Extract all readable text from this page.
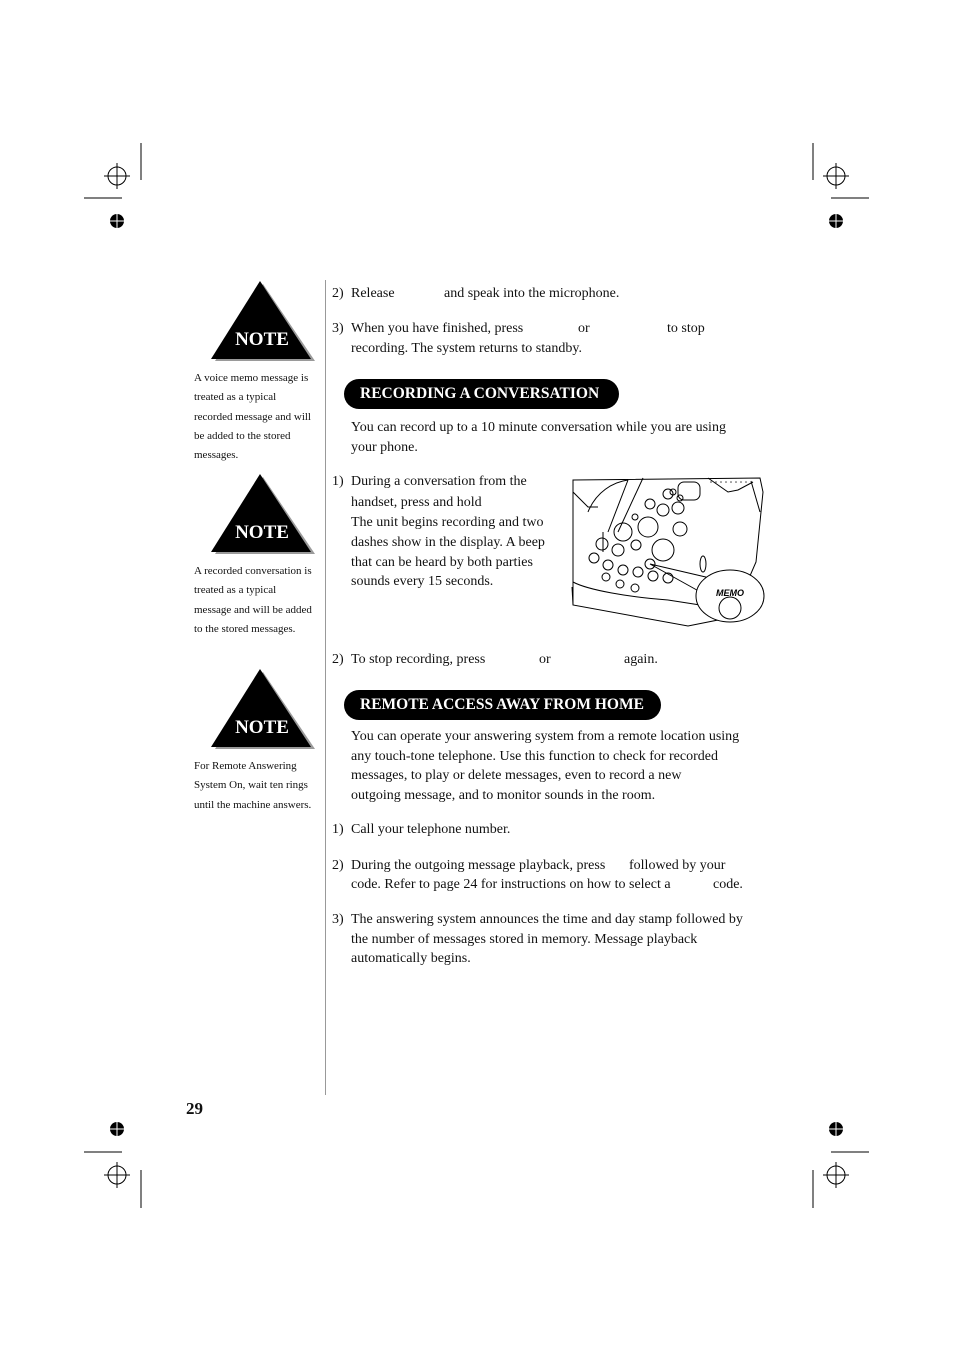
NOTE
A voice memo message is
treated as a typical
recorded message and will
be added to the stored
messages.
NOTE
A recorded conversation is
treated as a typical
message and will be added
to the stored messages.
NOTE
For Remote Answering
System On, wait ten rings
until the machine answers.
2) Release	and speak into the microphone.
3) When you have finished, press	or	to stop
recording. The system returns to standby.
RECORDING A CONVERSATION
You can record up to a 10 minute conversation while you are using
your phone.
1) During a conversation from the
handset, press and hold
The unit begins recording and two
dashes show in the display. A beep
that can be heard by both parties
sounds every 15 seconds.
MEMO
2) To stop recording, press	or	again.
REMOTE ACCESS AWAY FROM HOME
You can operate your answering system from a remote location using
any touch-tone telephone. Use this function to check for recorded
messages, to play or delete messages, even to record a new
outgoing message, and to monitor sounds in the room.
1) Call your telephone number.
2) During the outgoing message playback, press followed by your
code. Refer to page 24 for instructions on how to select a	code.
3) The answering system announces the time and day stamp followed by
the number of messages stored in memory. Message playback
automatically begins.
29
